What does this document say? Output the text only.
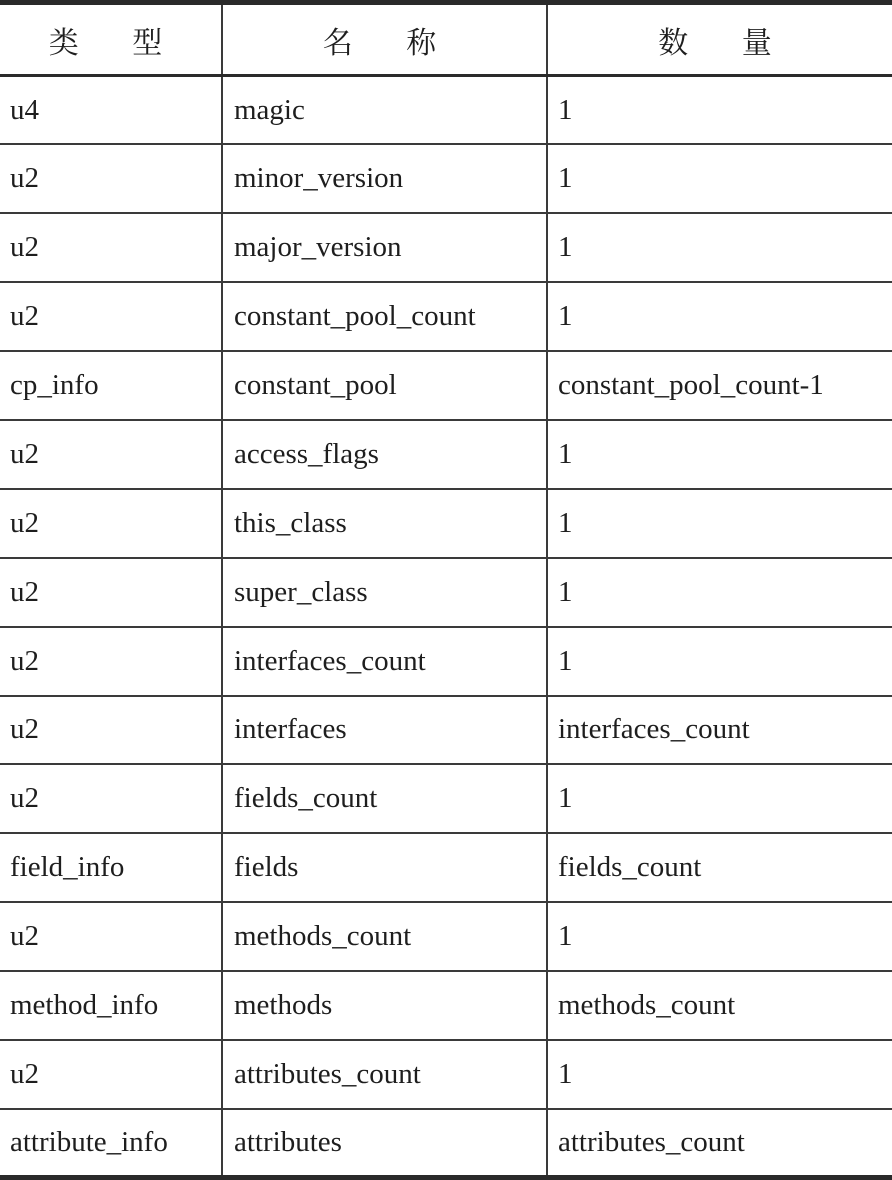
类 型	名 称	数 量
u4	magic	1
u2	minor_version	1
u2	major_version	1
u2	constant_pool_count	1
cp_info	constant_pool	constant_pool_count-1
u2	access_flags	1
u2	this_class	1
u2	super_class	1
u2	interfaces_count	1
u2	interfaces	interfaces_count
u2	fields_count	1
field_info	fields	fields_count
u2	methods_count	1
method_info	methods	methods_count
u2	attributes_count	1
attribute_info	attributes	attributes_count
